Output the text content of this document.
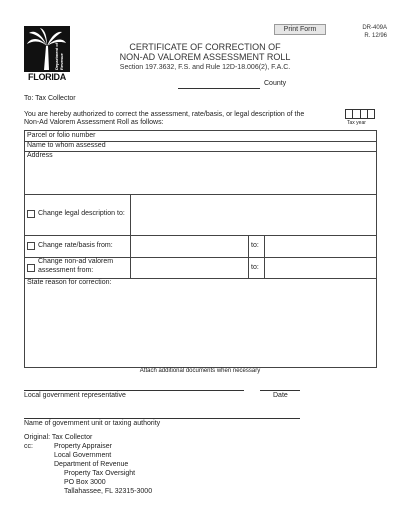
Department of Revenue
FLORIDA
Print Form	DR-409A
R. 12/96
CERTIFICATE OF CORRECTION OF
NON-AD VALOREM ASSESSMENT ROLL
Section 197.3632, F.S. and Rule 12D-18.006(2), F.A.C.
County
To: Tax Collector
You are hereby authorized to correct the assessment, rate/basis, or legal description of the
Non-Ad Valorem Assessment Roll as follows:	Tax year
Parcel or folio number
Name to whom assessed
Address
Change legal description to:
Change rate/basis from:	to:
Change non-ad valorem
assessment from:	to:
State reason for correction:
Attach additional documents when necessary
Local government representative	Date
Name of government unit or taxing authority
Original: Tax Collector
cc:	Property Appraiser
Local Government
Department of Revenue
Property Tax Oversight
PO Box 3000
Tallahassee, FL 32315-3000
